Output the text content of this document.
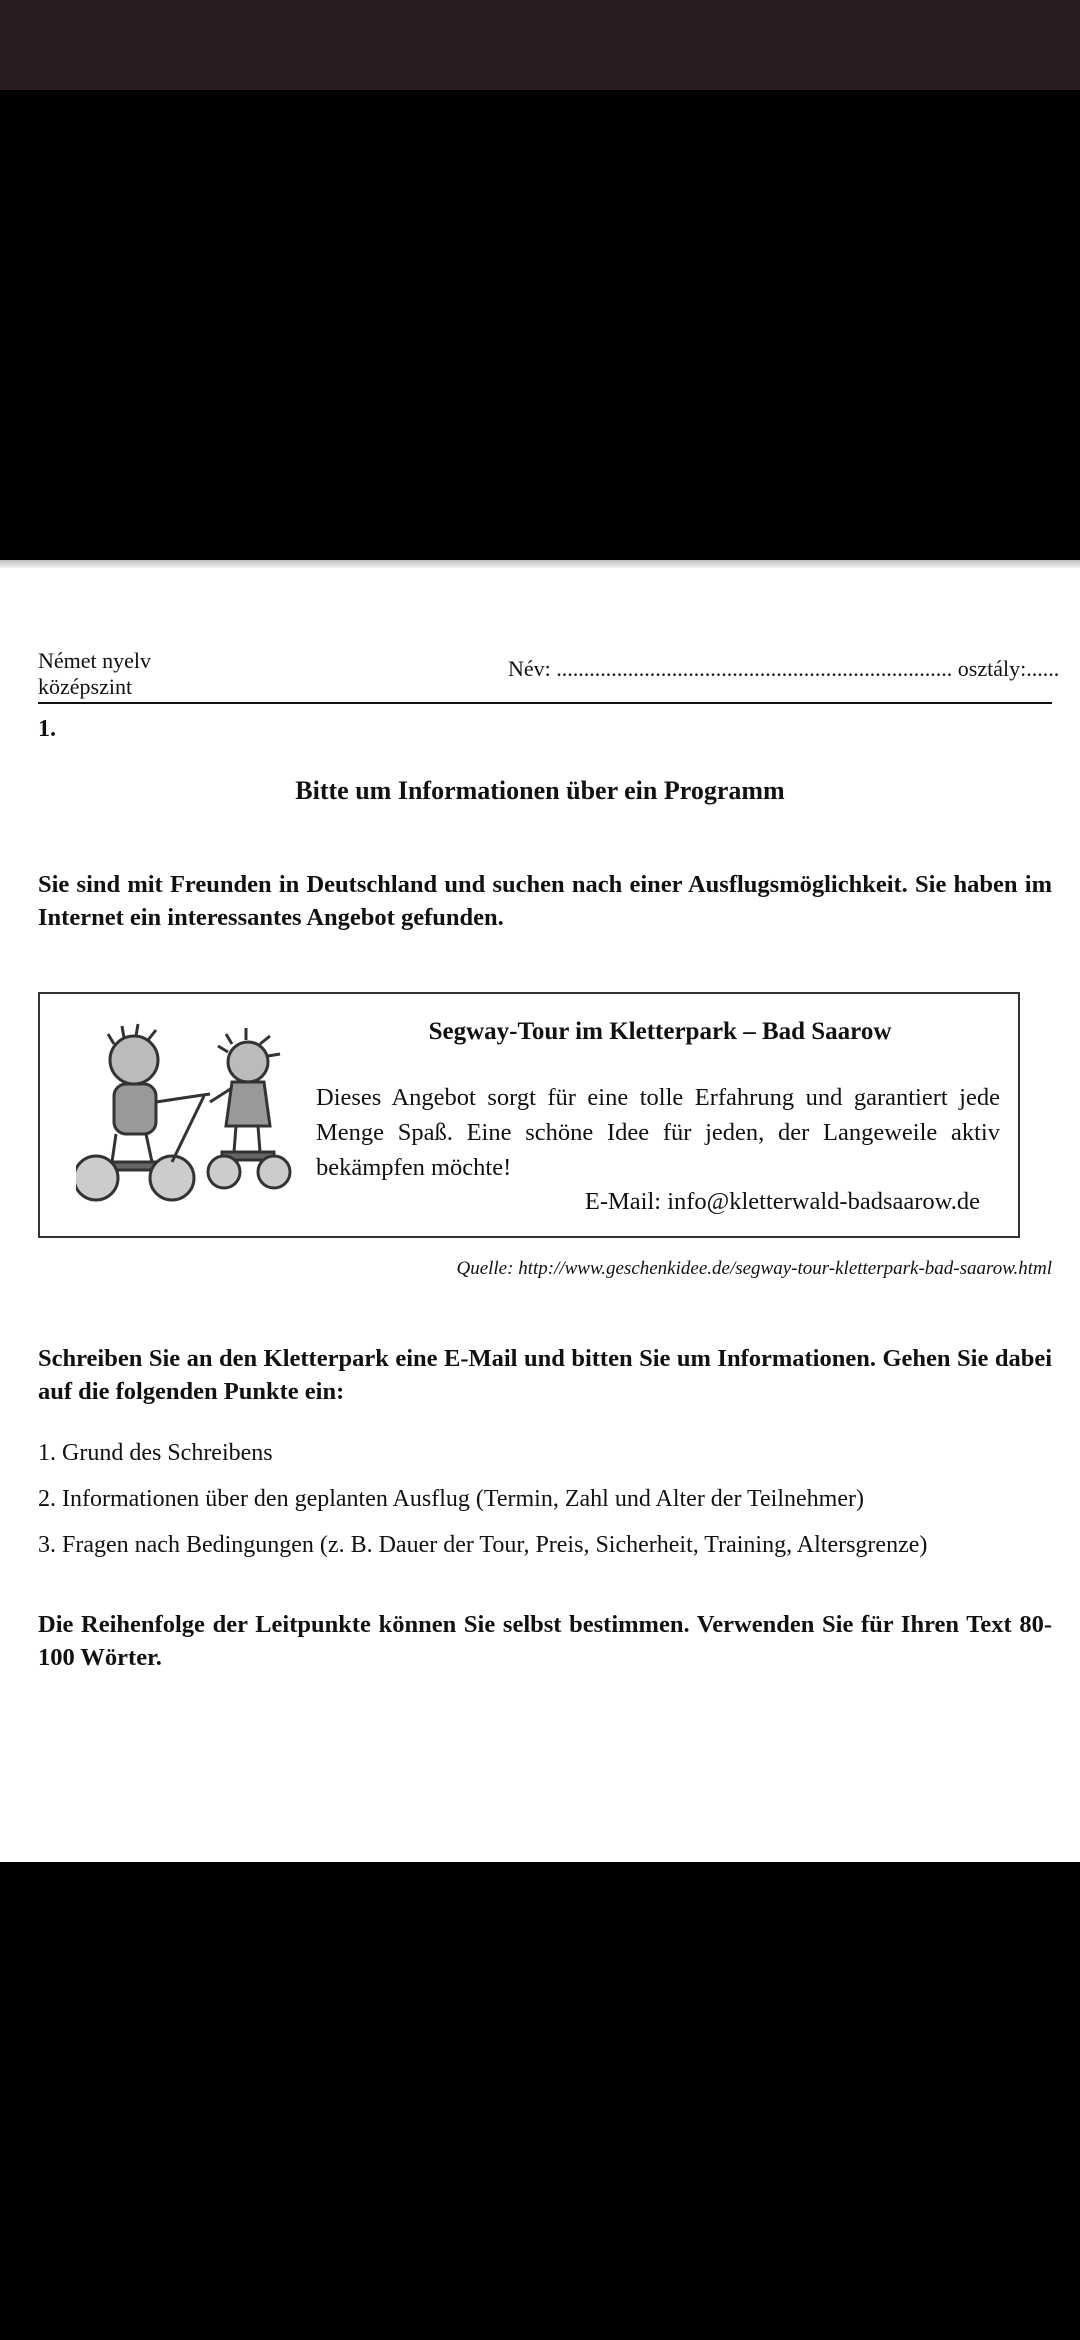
Német nyelv
középszint
Név: ........................................................................ osztály:......
1.
Bitte um Informationen über ein Programm
Sie sind mit Freunden in Deutschland und suchen nach einer Ausflugsmöglichkeit. Sie haben im Internet ein interessantes Angebot gefunden.
Segway-Tour im Kletterpark – Bad Saarow
Dieses Angebot sorgt für eine tolle Erfahrung und garantiert jede Menge Spaß. Eine schöne Idee für jeden, der Langeweile aktiv bekämpfen möchte!
E-Mail: info@kletterwald-badsaarow.de
Quelle: http://www.geschenkidee.de/segway-tour-kletterpark-bad-saarow.html
Schreiben Sie an den Kletterpark eine E-Mail und bitten Sie um Informationen. Gehen Sie dabei auf die folgenden Punkte ein:
1. Grund des Schreibens
2. Informationen über den geplanten Ausflug (Termin, Zahl und Alter der Teilnehmer)
3. Fragen nach Bedingungen (z. B. Dauer der Tour, Preis, Sicherheit, Training, Altersgrenze)
Die Reihenfolge der Leitpunkte können Sie selbst bestimmen. Verwenden Sie für Ihren Text 80-100 Wörter.
